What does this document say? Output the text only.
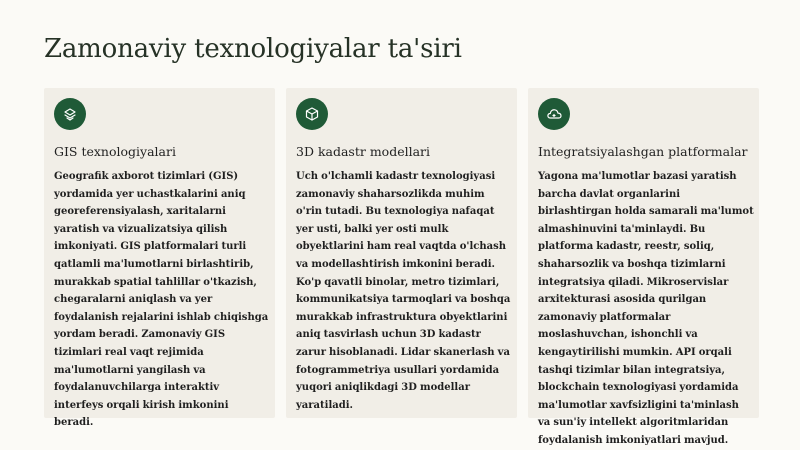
Zamonaviy texnologiyalar ta'siri
GIS texnologiyalari

Geografik axborot tizimlari (GIS) yordamida yer uchastkalarini aniq georeferensiyalash, xaritalarni yaratish va vizualizatsiya qilish imkoniyati. GIS platformalari turli qatlamli ma'lumotlarni birlashtirib, murakkab spatial tahlillar o'tkazish, chegaralarni aniqlash va yer foydalanish rejalarini ishlab chiqishga yordam beradi. Zamonaviy GIS tizimlari real vaqt rejimida ma'lumotlarni yangilash va foydalanuvchilarga interaktiv interfeys orqali kirish imkonini beradi.

3D kadastr modellari

Uch o'lchamli kadastr texnologiyasi zamonaviy shaharsozlikda muhim o'rin tutadi. Bu texnologiya nafaqat yer usti, balki yer osti mulk obyektlarini ham real vaqtda o'lchash va modellashtirish imkonini beradi. Ko'p qavatli binolar, metro tizimlari, kommunikatsiya tarmoqlari va boshqa murakkab infrastruktura obyektlarini aniq tasvirlash uchun 3D kadastr zarur hisoblanadi. Lidar skanerlash va fotogrammetriya usullari yordamida yuqori aniqlikdagi 3D modellar yaratiladi.

Integratsiyalashgan platformalar

Yagona ma'lumotlar bazasi yaratish barcha davlat organlarini birlashtirgan holda samarali ma'lumot almashinuvini ta'minlaydi. Bu platforma kadastr, reestr, soliq, shaharsozlik va boshqa tizimlarni integratsiya qiladi. Mikroservislar arxitekturasi asosida qurilgan zamonaviy platformalar moslashuvchan, ishonchli va kengaytirilishi mumkin. API orqali tashqi tizimlar bilan integratsiya, blockchain texnologiyasi yordamida ma'lumotlar xavfsizligini ta'minlash va sun'iy intellekt algoritmlaridan foydalanish imkoniyatlari mavjud.
